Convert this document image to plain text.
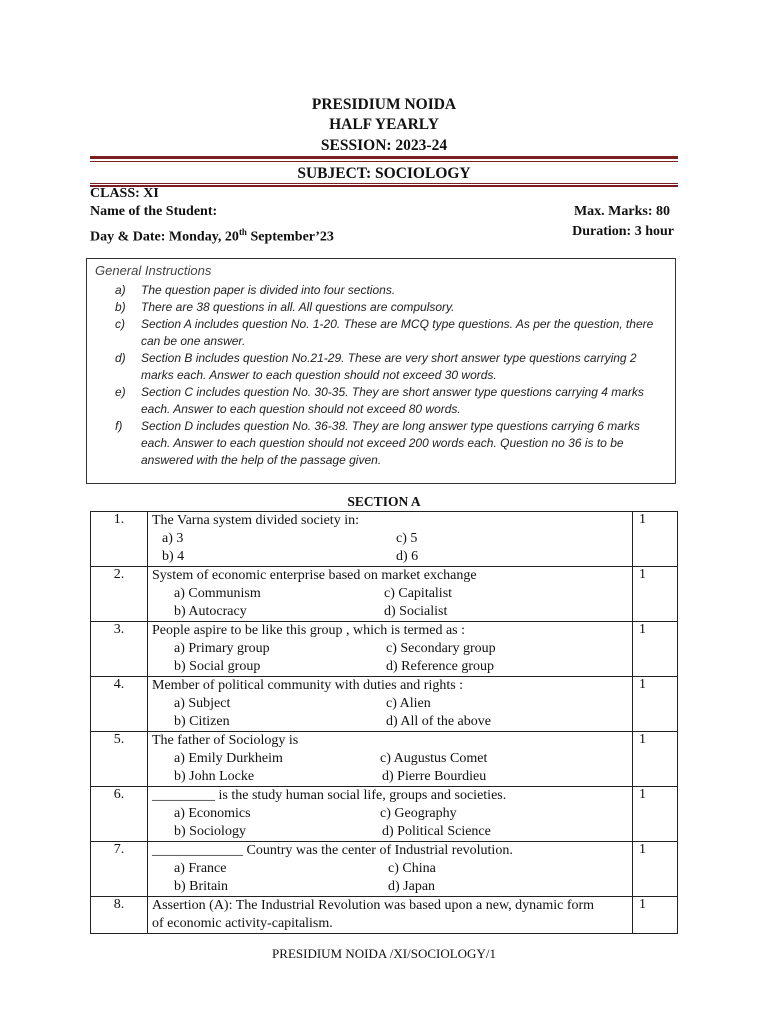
PRESIDIUM NOIDA
HALF YEARLY
SESSION: 2023-24
SUBJECT: SOCIOLOGY
CLASS: XI
Name of the Student:	Max. Marks: 80
Day & Date: Monday, 20th September’23	Duration: 3 hour
General Instructions
a) The question paper is divided into four sections.
b) There are 38 questions in all. All questions are compulsory.
c) Section A includes question No. 1-20. These are MCQ type questions. As per the question, there can be one answer.
d) Section B includes question No.21-29. These are very short answer type questions carrying 2 marks each. Answer to each question should not exceed 30 words.
e) Section C includes question No. 30-35. They are short answer type questions carrying 4 marks each. Answer to each question should not exceed 80 words.
f) Section D includes question No. 36-38. They are long answer type questions carrying 6 marks each. Answer to each question should not exceed 200 words each. Question no 36 is to be answered with the help of the passage given.
SECTION A
1.	The Varna system divided society in:
a) 3
b) 4
c) 5
d) 6	1
2.	System of economic enterprise based on market exchange
a) Communism
b) Autocracy
c) Capitalist
d) Socialist	1
3.	People aspire to be like this group , which is termed as :
a) Primary group
b) Social group
c) Secondary group
d) Reference group	1
4.	Member of political community with duties and rights :
a) Subject
b) Citizen
c) Alien
d) All of the above	1
5.	The father of Sociology is
a) Emily Durkheim
b) John Locke
c) Augustus Comet
d) Pierre Bourdieu	1
6.	_________ is the study human social life, groups and societies.
a) Economics
b) Sociology
c) Geography
d) Political Science	1
7.	_____________ Country was the center of Industrial revolution.
a) France
b) Britain
c) China
d) Japan	1
8.	Assertion (A): The Industrial Revolution was based upon a new, dynamic form
of economic activity-capitalism.	1
PRESIDIUM NOIDA /XI/SOCIOLOGY/1
